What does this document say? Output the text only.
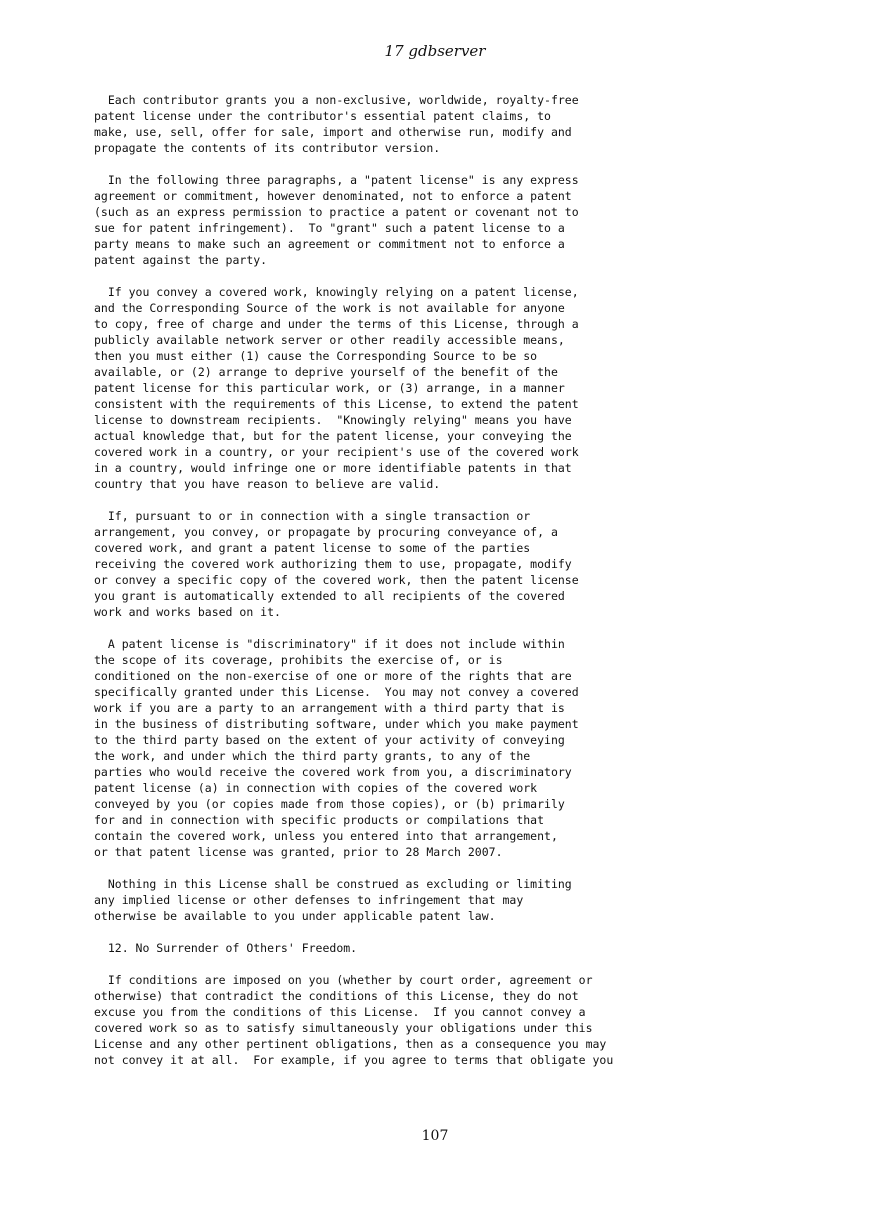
17 gdbserver

Each contributor grants you a non-exclusive, worldwide, royalty-free
patent license under the contributor's essential patent claims, to
make, use, sell, offer for sale, import and otherwise run, modify and
propagate the contents of its contributor version.

In the following three paragraphs, a "patent license" is any express
agreement or commitment, however denominated, not to enforce a patent
(such as an express permission to practice a patent or covenant not to
sue for patent infringement).  To "grant" such a patent license to a
party means to make such an agreement or commitment not to enforce a
patent against the party.

If you convey a covered work, knowingly relying on a patent license,
and the Corresponding Source of the work is not available for anyone
to copy, free of charge and under the terms of this License, through a
publicly available network server or other readily accessible means,
then you must either (1) cause the Corresponding Source to be so
available, or (2) arrange to deprive yourself of the benefit of the
patent license for this particular work, or (3) arrange, in a manner
consistent with the requirements of this License, to extend the patent
license to downstream recipients.  "Knowingly relying" means you have
actual knowledge that, but for the patent license, your conveying the
covered work in a country, or your recipient's use of the covered work
in a country, would infringe one or more identifiable patents in that
country that you have reason to believe are valid.

If, pursuant to or in connection with a single transaction or
arrangement, you convey, or propagate by procuring conveyance of, a
covered work, and grant a patent license to some of the parties
receiving the covered work authorizing them to use, propagate, modify
or convey a specific copy of the covered work, then the patent license
you grant is automatically extended to all recipients of the covered
work and works based on it.

A patent license is "discriminatory" if it does not include within
the scope of its coverage, prohibits the exercise of, or is
conditioned on the non-exercise of one or more of the rights that are
specifically granted under this License.  You may not convey a covered
work if you are a party to an arrangement with a third party that is
in the business of distributing software, under which you make payment
to the third party based on the extent of your activity of conveying
the work, and under which the third party grants, to any of the
parties who would receive the covered work from you, a discriminatory
patent license (a) in connection with copies of the covered work
conveyed by you (or copies made from those copies), or (b) primarily
for and in connection with specific products or compilations that
contain the covered work, unless you entered into that arrangement,
or that patent license was granted, prior to 28 March 2007.

Nothing in this License shall be construed as excluding or limiting
any implied license or other defenses to infringement that may
otherwise be available to you under applicable patent law.

12. No Surrender of Others' Freedom.

If conditions are imposed on you (whether by court order, agreement or
otherwise) that contradict the conditions of this License, they do not
excuse you from the conditions of this License.  If you cannot convey a
covered work so as to satisfy simultaneously your obligations under this
License and any other pertinent obligations, then as a consequence you may
not convey it at all.  For example, if you agree to terms that obligate you

107
